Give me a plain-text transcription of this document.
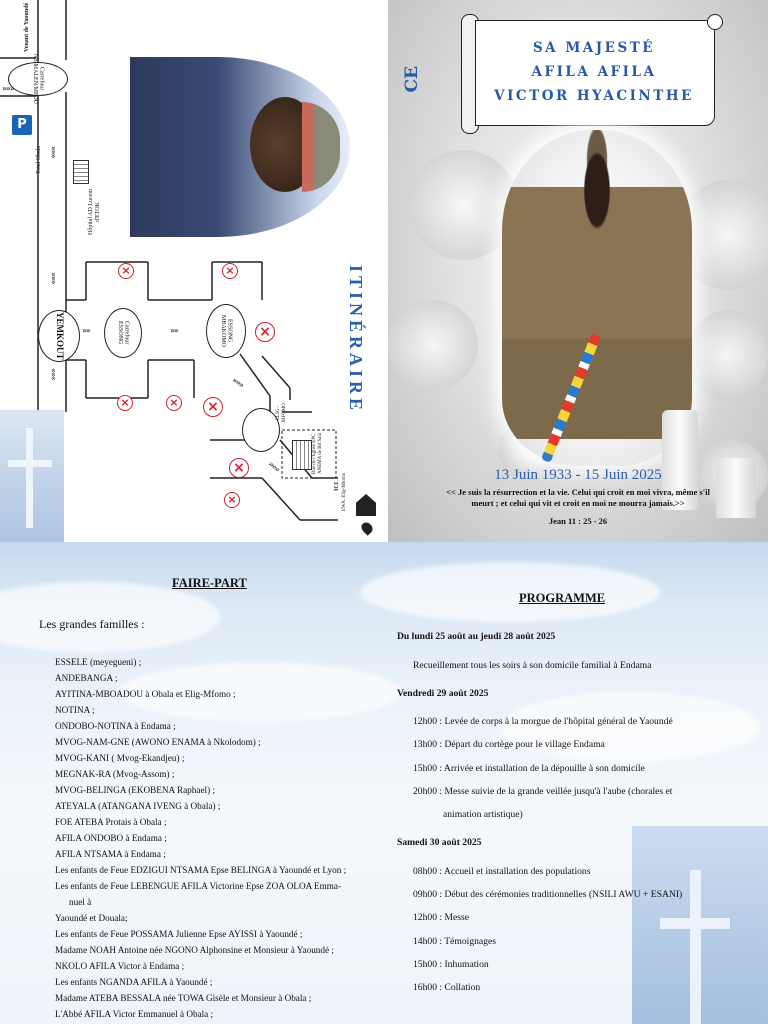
Venant de Yaoundé
Carrefour NSIMALEN/MFOU
»»»
P
Total Obala »»»
Hôpital AD Lucem d'ETOK
»»»
YEMKOUT	Carrefour ESSONG	ESSONG MBAKOMO
«««
»»	»»
»»»
»»»
×	×
×
×	× ×
×
×
ELIG - MFOMO
Rue de l'Eglise EPC ANEMA de Bd Sala
ICI EWA. Elig-Mfomo
ITINÉRAIRE
CE
SA MAJESTÉ
AFILA AFILA
VICTOR HYACINTHE
13 Juin 1933 - 15 Juin 2025
<< Je suis la résurrection et la vie. Celui qui croit en moi vivra, même s'il meurt ; et celui qui vit et croit en moi ne mourra jamais.>>
Jean 11 : 25 - 26
FAIRE-PART
Les grandes familles :
ESSELE (meyegueni) ;
ANDEBANGA ;
AYITINA-MBOADOU à Obala et Elig-Mfomo ;
NOTINA ;
ONDOBO-NOTINA à Endama ;
MVOG-NAM-GNE (AWONO ENAMA à Nkolodom) ;
MVOG-KANI ( Mvog-Ekandjeu) ;
MEGNAK-RA (Mvog-Assom) ;
MVOG-BELINGA (EKOBENA Raphael) ;
ATEYALA (ATANGANA IVENG à Obala) ;
FOE ATEBA Protais à Obala ;
AFILA ONDOBO à Endama ;
AFILA NTSAMA à Endama ;
Les enfants de Feue EDZIGUI NTSAMA Epse BELINGA à Yaoundé et Lyon ;
Les enfants de Feue LEBENGUE AFILA Victorine Epse ZOA OLOA Emma-
nuel à
Yaoundé et Douala;
Les enfants de Feue POSSAMA Julienne Epse AYISSI à Yaoundé ;
Madame NOAH Antoine née NGONO Alphonsine et Monsieur à Yaoundé ;
NKOLO AFILA Victor à Endama ;
Les enfants NGANDA AFILA à Yaoundé ;
Madame ATEBA BESSALA née TOWA Gisèle et Monsieur à Obala ;
L'Abbé AFILA Victor Emmanuel à Obala ;
PROGRAMME
Du lundi 25 août au jeudi 28 août 2025
Recueillement tous les soirs à son domicile familial à Endama
Vendredi 29 août 2025
12h00 : Levée de corps à la morgue de l'hôpital général de Yaoundé
13h00 : Départ du cortège pour le village Endama
15h00 : Arrivée et installation de la dépouille à son domicile
20h00 : Messe suivie de la grande veillée jusqu'à l'aube (chorales et
animation artistique)
Samedi 30 août 2025
08h00 : Accueil et installation des populations
09h00 : Début des cérémonies traditionnelles (NSILI AWU + ESANI)
12h00 : Messe
14h00 : Témoignages
15h00 : Inhumation
16h00 : Collation
